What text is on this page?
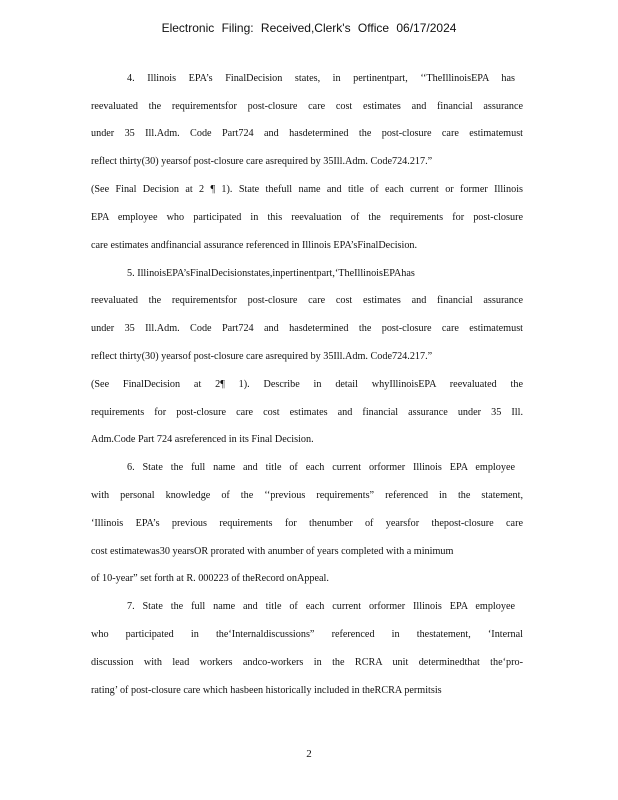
Electronic Filing: Received,Clerk's Office 06/17/2024
4. Illinois EPA’s FinalDecision states, in pertinentpart, ‘‘TheIllinoisEPA has
reevaluated the requirementsfor post-closure care cost estimates and financial assurance
under 35 Ill.Adm. Code Part724 and hasdetermined the post-closure care estimatemust
reflect thirty(30) yearsof post-closure care asrequired by 35Ill.Adm. Code724.217.”
(See Final Decision at 2 ¶ 1). State thefull name and title of each current or former Illinois
EPA employee who participated in this reevaluation of the requirements for post-closure
care estimates andfinancial assurance referenced in Illinois EPA’sFinalDecision.
5. IllinoisEPA’sFinalDecisionstates,inpertinentpart,‘TheIllinoisEPAhas
reevaluated the requirementsfor post-closure care cost estimates and financial assurance
under 35 Ill.Adm. Code Part724 and hasdetermined the post-closure care estimatemust
reflect thirty(30) yearsof post-closure care asrequired by 35Ill.Adm. Code724.217.”
(See FinalDecision at 2¶ 1). Describe in detail whyIllinoisEPA reevaluated the
requirements for post-closure care cost estimates and financial assurance under 35 Ill.
Adm.Code Part 724 asreferenced in its Final Decision.
6. State the full name and title of each current orformer Illinois EPA employee
with personal knowledge of the ‘‘previous requirements” referenced in the statement,
‘Illinois EPA’s previous requirements for thenumber of yearsfor thepost-closure care
cost estimatewas30 yearsOR prorated with anumber of years completed with a minimum
of 10-year” set forth at R. 000223 of theRecord onAppeal.
7. State the full name and title of each current orformer Illinois EPA employee
who participated in the‘Internaldiscussions” referenced in thestatement, ‘Internal
discussion with lead workers andco-workers in the RCRA unit determinedthat the‘pro-
rating’ of post-closure care which hasbeen historically included in theRCRA permitsis
2
